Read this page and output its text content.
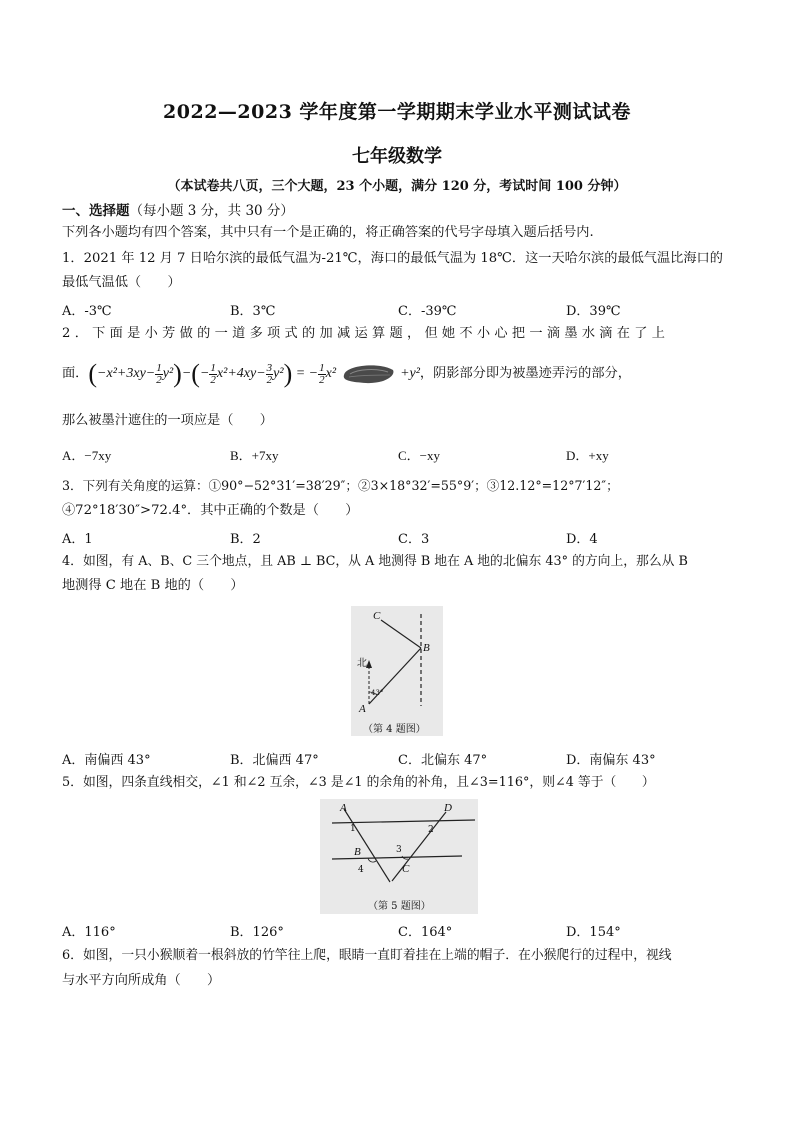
2022—2023 学年度第一学期期末学业水平测试试卷
七年级数学
（本试卷共八页，三个大题，23 个小题，满分 120 分，考试时间 100 分钟）
一、选择题（每小题 3 分，共 30 分）
下列各小题均有四个答案，其中只有一个是正确的，将正确答案的代号字母填入题后括号内.
1．2021 年 12 月 7 日哈尔滨的最低气温为-21℃，海口的最低气温为 18℃．这一天哈尔滨的最低气温比海口的
最低气温低（　　）
A．-3℃	B．3℃	C．-39℃	D．39℃
2．下面是小芳做的一道多项式的加减运算题，但她不小心把一滴墨水滴在了上
面． ( $-x^2+3xy- \frac{1}{2} y^2$ ) − ( − $\frac{1}{2} x^2+4xy- \frac{3}{2} y^2$ ) = − $\frac{1}{2} x^2$	+y² ，阴影部分即为被墨迹弄污的部分，
那么被墨汁遮住的一项应是（　　）
A．−7xy	B．+7xy	C．−xy	D．+xy
3．下列有关角度的运算：①90°−52°31′=38′29″；②3×18°32′=55°9′；③12.12°=12°7′12″；
④72°18′30″>72.4°．其中正确的个数是（　　）
A．1	B．2	C．3	D．4
4．如图，有 A、B、C 三个地点，且 AB ⊥ BC，从 A 地测得 B 地在 A 地的北偏东 43° 的方向上，那么从 B
地测得 C 地在 B 地的（　　）
C
B
A
北
43°
（第 4 题图）
A．南偏西 43°	B．北偏西 47°	C．北偏东 47°	D．南偏东 43°
5．如图，四条直线相交，∠1 和∠2 互余，∠3 是∠1 的余角的补角，且∠3=116°，则∠4 等于（　　）
A	D
B
C
1	2
3
4
（第 5 题图）
A．116°	B．126°	C．164°	D．154°
6．如图，一只小猴顺着一根斜放的竹竿往上爬，眼睛一直盯着挂在上端的帽子．在小猴爬行的过程中，视线
与水平方向所成角（　　）
